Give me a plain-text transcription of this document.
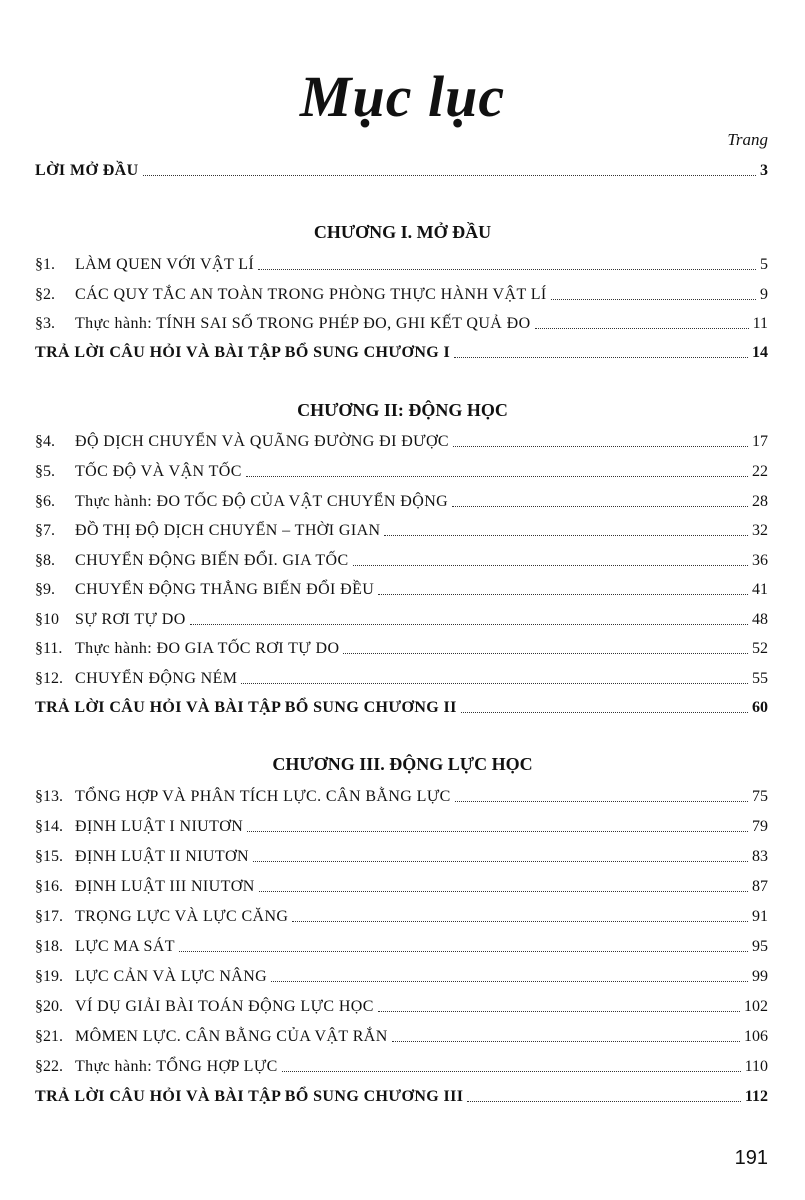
Mục lục
Trang
LỜI MỞ ĐẦU	3
CHƯƠNG I. MỞ ĐẦU
§1.	LÀM QUEN VỚI VẬT LÍ	5
§2.	CÁC QUY TẮC AN TOÀN TRONG PHÒNG THỰC HÀNH VẬT LÍ	9
§3.	Thực hành: TÍNH SAI SỐ TRONG PHÉP ĐO, GHI KẾT QUẢ ĐO	11
TRẢ LỜI CÂU HỎI VÀ BÀI TẬP BỔ SUNG CHƯƠNG I	14
CHƯƠNG II: ĐỘNG HỌC
§4.	ĐỘ DỊCH CHUYỂN VÀ QUÃNG ĐƯỜNG ĐI ĐƯỢC	17
§5.	TỐC ĐỘ VÀ VẬN TỐC	22
§6.	Thực hành: ĐO TỐC ĐỘ CỦA VẬT CHUYỂN ĐỘNG	28
§7.	ĐỒ THỊ ĐỘ DỊCH CHUYỂN – THỜI GIAN	32
§8.	CHUYỂN ĐỘNG BIẾN ĐỔI. GIA TỐC	36
§9.	CHUYỂN ĐỘNG THẲNG BIẾN ĐỔI ĐỀU	41
§10	SỰ RƠI TỰ DO	48
§11. Thực hành: ĐO GIA TỐC RƠI TỰ DO	52
§12. CHUYỂN ĐỘNG NÉM	55
TRẢ LỜI CÂU HỎI VÀ BÀI TẬP BỔ SUNG CHƯƠNG II	60
CHƯƠNG III. ĐỘNG LỰC HỌC
§13. TỔNG HỢP VÀ PHÂN TÍCH LỰC. CÂN BẰNG LỰC	75
§14. ĐỊNH LUẬT I NIUTƠN	79
§15. ĐỊNH LUẬT II NIUTƠN	83
§16. ĐỊNH LUẬT III NIUTƠN	87
§17. TRỌNG LỰC VÀ LỰC CĂNG	91
§18. LỰC MA SÁT	95
§19. LỰC CẢN VÀ LỰC NÂNG	99
§20. VÍ DỤ GIẢI BÀI TOÁN ĐỘNG LỰC HỌC	102
§21. MÔMEN LỰC. CÂN BẰNG CỦA VẬT RẮN	106
§22. Thực hành: TỔNG HỢP LỰC	110
TRẢ LỜI CÂU HỎI VÀ BÀI TẬP BỔ SUNG CHƯƠNG III	112
191
